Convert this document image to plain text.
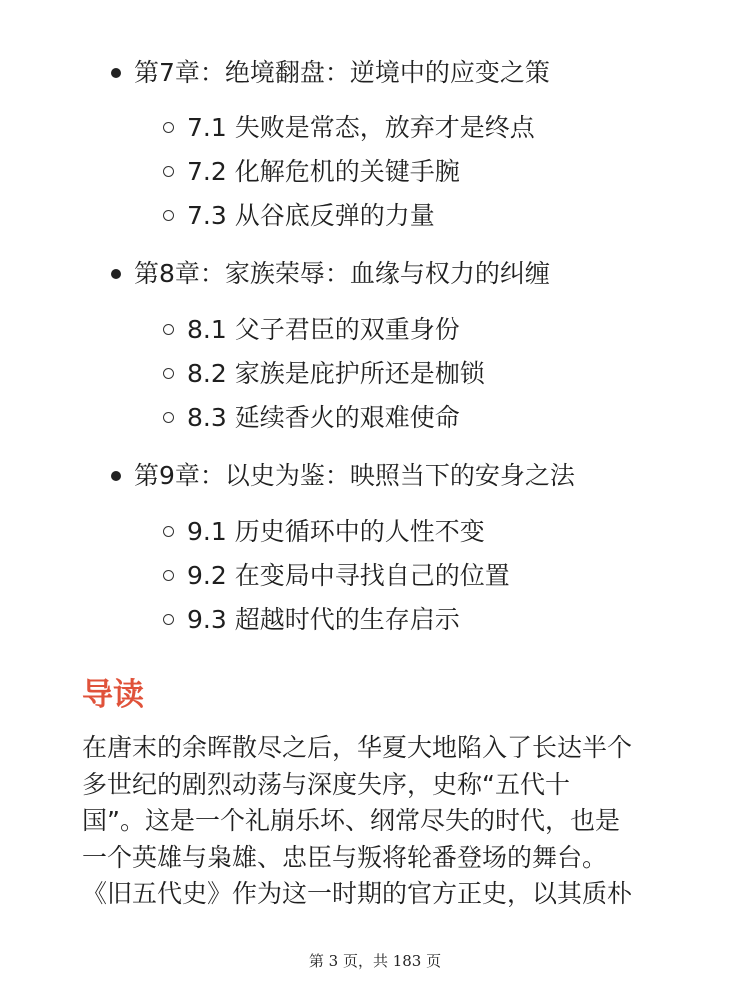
第7章：绝境翻盘：逆境中的应变之策
7.1 失败是常态，放弃才是终点
7.2 化解危机的关键手腕
7.3 从谷底反弹的力量
第8章：家族荣辱：血缘与权力的纠缠
8.1 父子君臣的双重身份
8.2 家族是庇护所还是枷锁
8.3 延续香火的艰难使命
第9章：以史为鉴：映照当下的安身之法
9.1 历史循环中的人性不变
9.2 在变局中寻找自己的位置
9.3 超越时代的生存启示
导读

在唐末的余晖散尽之后，华夏大地陷入了长达半个
多世纪的剧烈动荡与深度失序，史称“五代十
国”。这是一个礼崩乐坏、纲常尽失的时代，也是
一个英雄与枭雄、忠臣与叛将轮番登场的舞台。
《旧五代史》作为这一时期的官方正史，以其质朴

第 3 页，共 183 页
